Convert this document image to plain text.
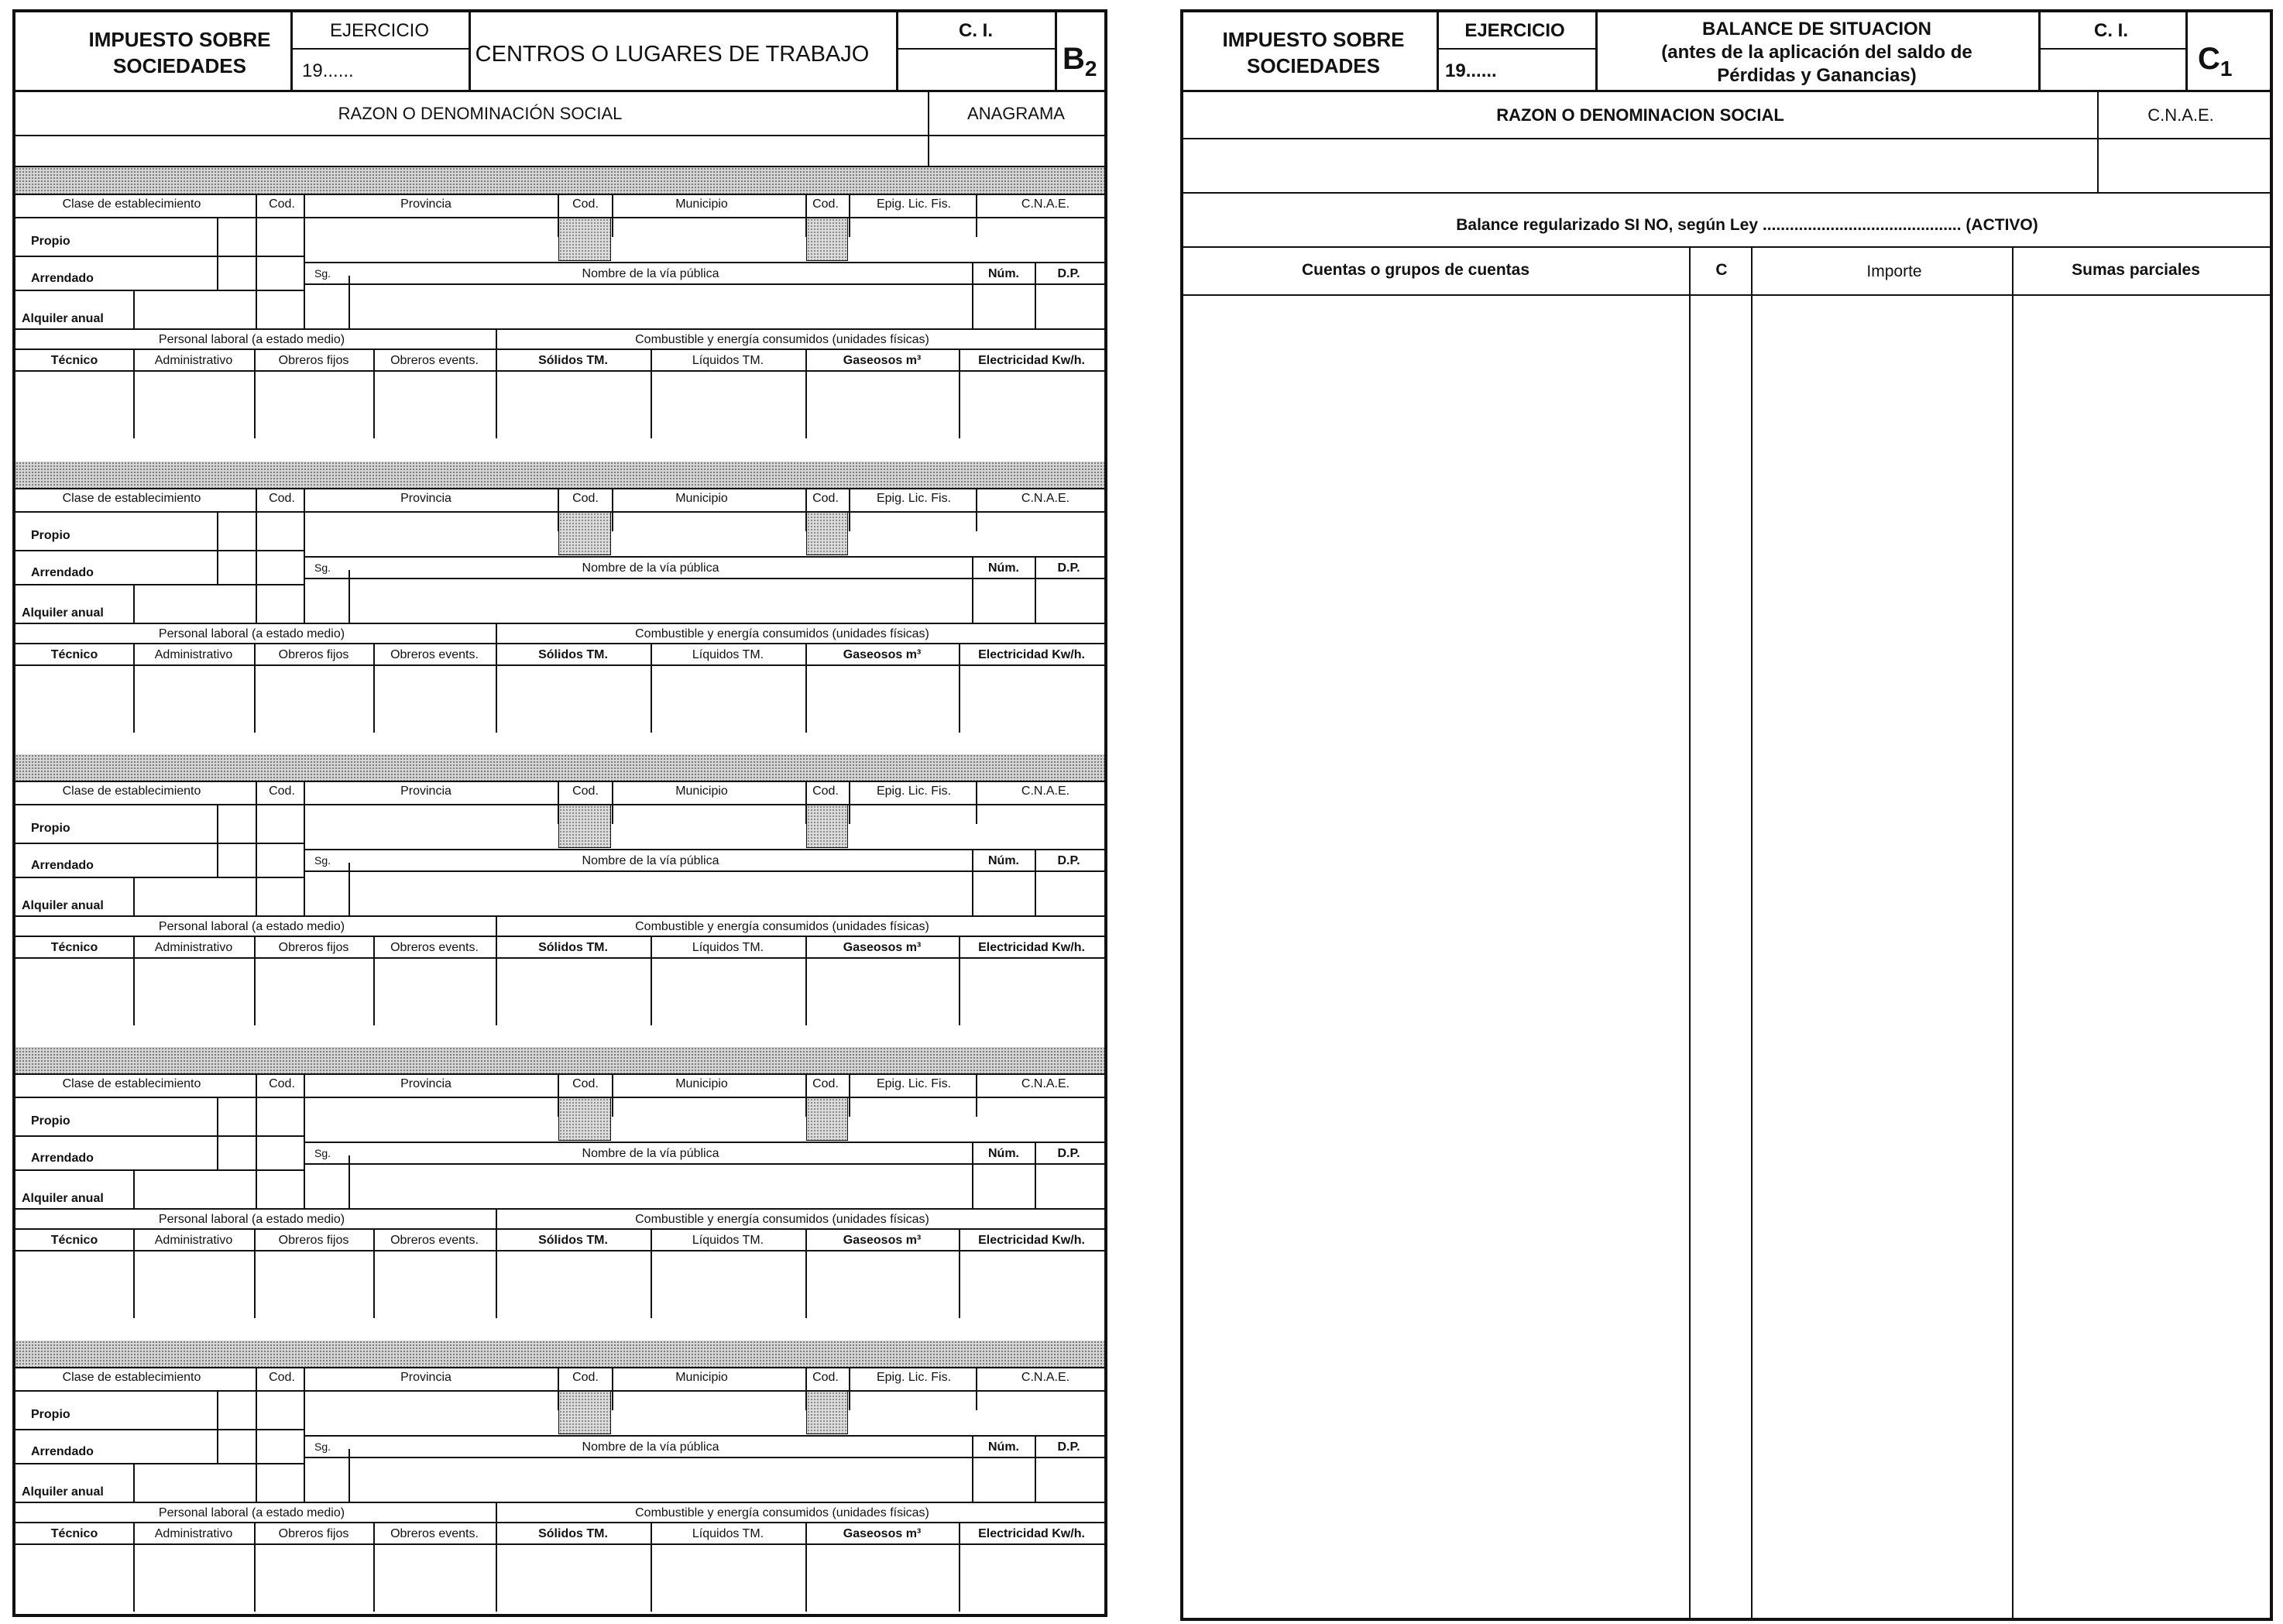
IMPUESTO SOBRE
SOCIEDADES
EJERCICIO
19......
CENTROS O LUGARES DE TRABAJO
C. I.
$B_2$
RAZON O DENOMINACIÓN SOCIAL	ANAGRAMA
Clase de establecimiento	Cod.	Provincia	Cod.	Municipio	Cod.	Epig. Lic. Fis.	C.N.A.E.
Propio
Arrendado	Sg.	Nombre de la vía pública	Núm.	D.P.
Alquiler anual
Personal laboral (a estado medio)	Combustible y energía consumidos (unidades físicas)
Técnico	Administrativo	Obreros fijos	Obreros events.	Sólidos TM.	Líquidos TM.	Gaseosos m³	Electricidad Kw/h.
Clase de establecimiento	Cod.	Provincia	Cod.	Municipio	Cod.	Epig. Lic. Fis.	C.N.A.E.
Propio
Arrendado	Sg.	Nombre de la vía pública	Núm.	D.P.
Alquiler anual
Personal laboral (a estado medio)	Combustible y energía consumidos (unidades físicas)
Técnico	Administrativo	Obreros fijos	Obreros events.	Sólidos TM.	Líquidos TM.	Gaseosos m³	Electricidad Kw/h.
Clase de establecimiento	Cod.	Provincia	Cod.	Municipio	Cod.	Epig. Lic. Fis.	C.N.A.E.
Propio
Arrendado	Sg.	Nombre de la vía pública	Núm.	D.P.
Alquiler anual
Personal laboral (a estado medio)	Combustible y energía consumidos (unidades físicas)
Técnico	Administrativo	Obreros fijos	Obreros events.	Sólidos TM.	Líquidos TM.	Gaseosos m³	Electricidad Kw/h.
Clase de establecimiento	Cod.	Provincia	Cod.	Municipio	Cod.	Epig. Lic. Fis.	C.N.A.E.
Propio
Arrendado	Sg.	Nombre de la vía pública	Núm.	D.P.
Alquiler anual
Personal laboral (a estado medio)	Combustible y energía consumidos (unidades físicas)
Técnico	Administrativo	Obreros fijos	Obreros events.	Sólidos TM.	Líquidos TM.	Gaseosos m³	Electricidad Kw/h.
Clase de establecimiento	Cod.	Provincia	Cod.	Municipio	Cod.	Epig. Lic. Fis.	C.N.A.E.
Propio
Arrendado	Sg.	Nombre de la vía pública	Núm.	D.P.
Alquiler anual
Personal laboral (a estado medio)	Combustible y energía consumidos (unidades físicas)
Técnico	Administrativo	Obreros fijos	Obreros events.	Sólidos TM.	Líquidos TM.	Gaseosos m³	Electricidad Kw/h.
IMPUESTO SOBRE
SOCIEDADES
EJERCICIO
19......
BALANCE DE SITUACION
(antes de la aplicación del saldo de
Pérdidas y Ganancias)
C. I.
$C_1$
RAZON O DENOMINACION SOCIAL	C.N.A.E.
Balance regularizado SI NO, según Ley ............................................ (ACTIVO)
Cuentas o grupos de cuentas	C	Importe	Sumas parciales
